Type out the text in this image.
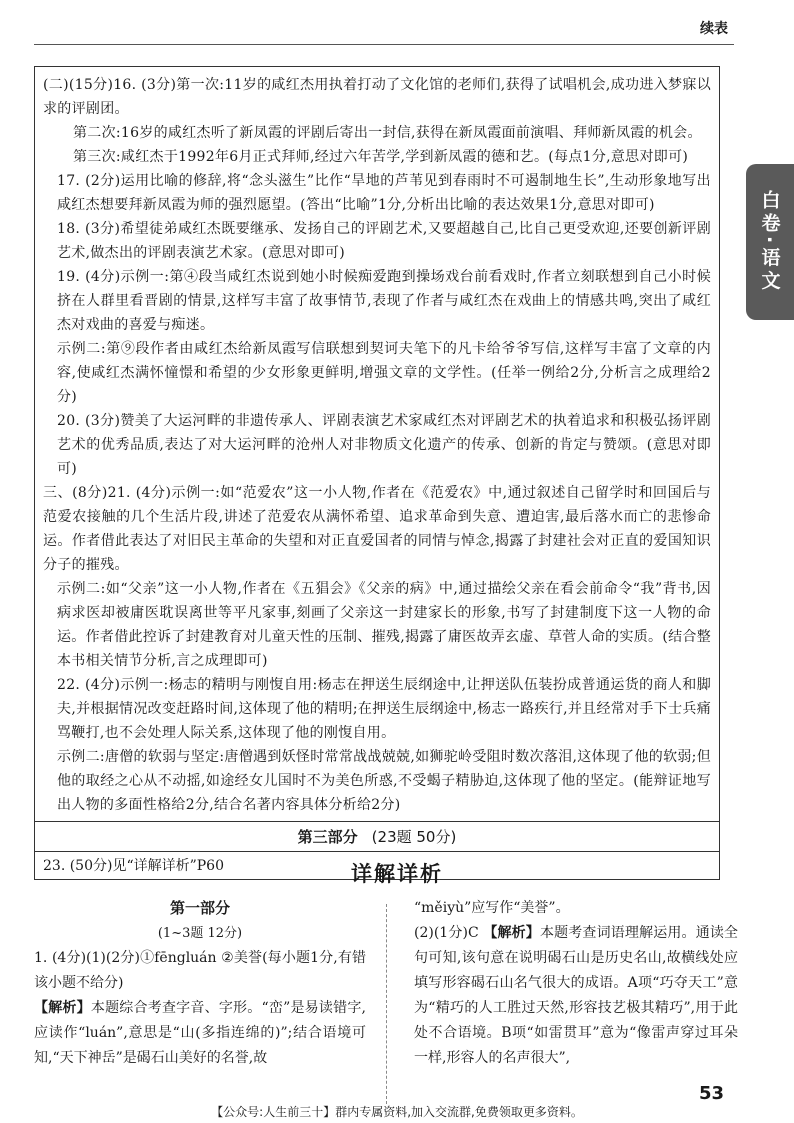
续表

(二)(15分)16. (3分)第一次:11岁的咸红杰用执着打动了文化馆的老师们,获得了试唱机会,成功进入梦寐以求的评剧团。

第二次:16岁的咸红杰听了新凤霞的评剧后寄出一封信,获得在新凤霞面前演唱、拜师新凤霞的机会。

第三次:咸红杰于1992年6月正式拜师,经过六年苦学,学到新凤霞的德和艺。(每点1分,意思对即可)

17. (2分)运用比喻的修辞,将“念头滋生”比作“旱地的芦苇见到春雨时不可遏制地生长”,生动形象地写出咸红杰想要拜新凤霞为师的强烈愿望。(答出“比喻”1分,分析出比喻的表达效果1分,意思对即可)

18. (3分)希望徒弟咸红杰既要继承、发扬自己的评剧艺术,又要超越自己,比自己更受欢迎,还要创新评剧艺术,做杰出的评剧表演艺术家。(意思对即可)

19. (4分)示例一:第④段当咸红杰说到她小时候痴爱跑到操场戏台前看戏时,作者立刻联想到自己小时候挤在人群里看晋剧的情景,这样写丰富了故事情节,表现了作者与咸红杰在戏曲上的情感共鸣,突出了咸红杰对戏曲的喜爱与痴迷。

示例二:第⑨段作者由咸红杰给新凤霞写信联想到契诃夫笔下的凡卡给爷爷写信,这样写丰富了文章的内容,使咸红杰满怀憧憬和希望的少女形象更鲜明,增强文章的文学性。(任举一例给2分,分析言之成理给2分)

20. (3分)赞美了大运河畔的非遗传承人、评剧表演艺术家咸红杰对评剧艺术的执着追求和积极弘扬评剧艺术的优秀品质,表达了对大运河畔的沧州人对非物质文化遗产的传承、创新的肯定与赞颂。(意思对即可)

三、(8分)21. (4分)示例一:如“范爱农”这一小人物,作者在《范爱农》中,通过叙述自己留学时和回国后与范爱农接触的几个生活片段,讲述了范爱农从满怀希望、追求革命到失意、遭迫害,最后落水而亡的悲惨命运。作者借此表达了对旧民主革命的失望和对正直爱国者的同情与悼念,揭露了封建社会对正直的爱国知识分子的摧残。

示例二:如“父亲”这一小人物,作者在《五猖会》《父亲的病》中,通过描绘父亲在看会前命令“我”背书,因病求医却被庸医耽误离世等平凡家事,刻画了父亲这一封建家长的形象,书写了封建制度下这一人物的命运。作者借此控诉了封建教育对儿童天性的压制、摧残,揭露了庸医故弄玄虚、草菅人命的实质。(结合整本书相关情节分析,言之成理即可)

22. (4分)示例一:杨志的精明与刚愎自用:杨志在押送生辰纲途中,让押送队伍装扮成普通运货的商人和脚夫,并根据情况改变赶路时间,这体现了他的精明;在押送生辰纲途中,杨志一路疾行,并且经常对手下士兵痛骂鞭打,也不会处理人际关系,这体现了他的刚愎自用。

示例二:唐僧的软弱与坚定:唐僧遇到妖怪时常常战战兢兢,如狮驼岭受阻时数次落泪,这体现了他的软弱;但他的取经之心从不动摇,如途经女儿国时不为美色所惑,不受蝎子精胁迫,这体现了他的坚定。(能辩证地写出人物的多面性格给2分,结合名著内容具体分析给2分)

第三部分 (23题 50分)
23. (50分)见“详解详析”P60
白卷·语文
详解详析
第一部分
(1~3题 12分)

1. (4分)(1)(2分)①fēngluán ②美誉(每小题1分,有错该小题不给分)

【解析】本题综合考查字音、字形。“峦”是易读错字,应读作“luán”,意思是“山(多指连绵的)”;结合语境可知,“天下神岳”是碣石山美好的名誉,故

“měiyù”应写作“美誉”。

(2)(1分)C 【解析】本题考查词语理解运用。通读全句可知,该句意在说明碣石山是历史名山,故横线处应填写形容碣石山名气很大的成语。A项“巧夺天工”意为“精巧的人工胜过天然,形容技艺极其精巧”,用于此处不合语境。B项“如雷贯耳”意为“像雷声穿过耳朵一样,形容人的名声很大”,

53
【公众号:人生前三十】群内专属资料,加入交流群,免费领取更多资料。
